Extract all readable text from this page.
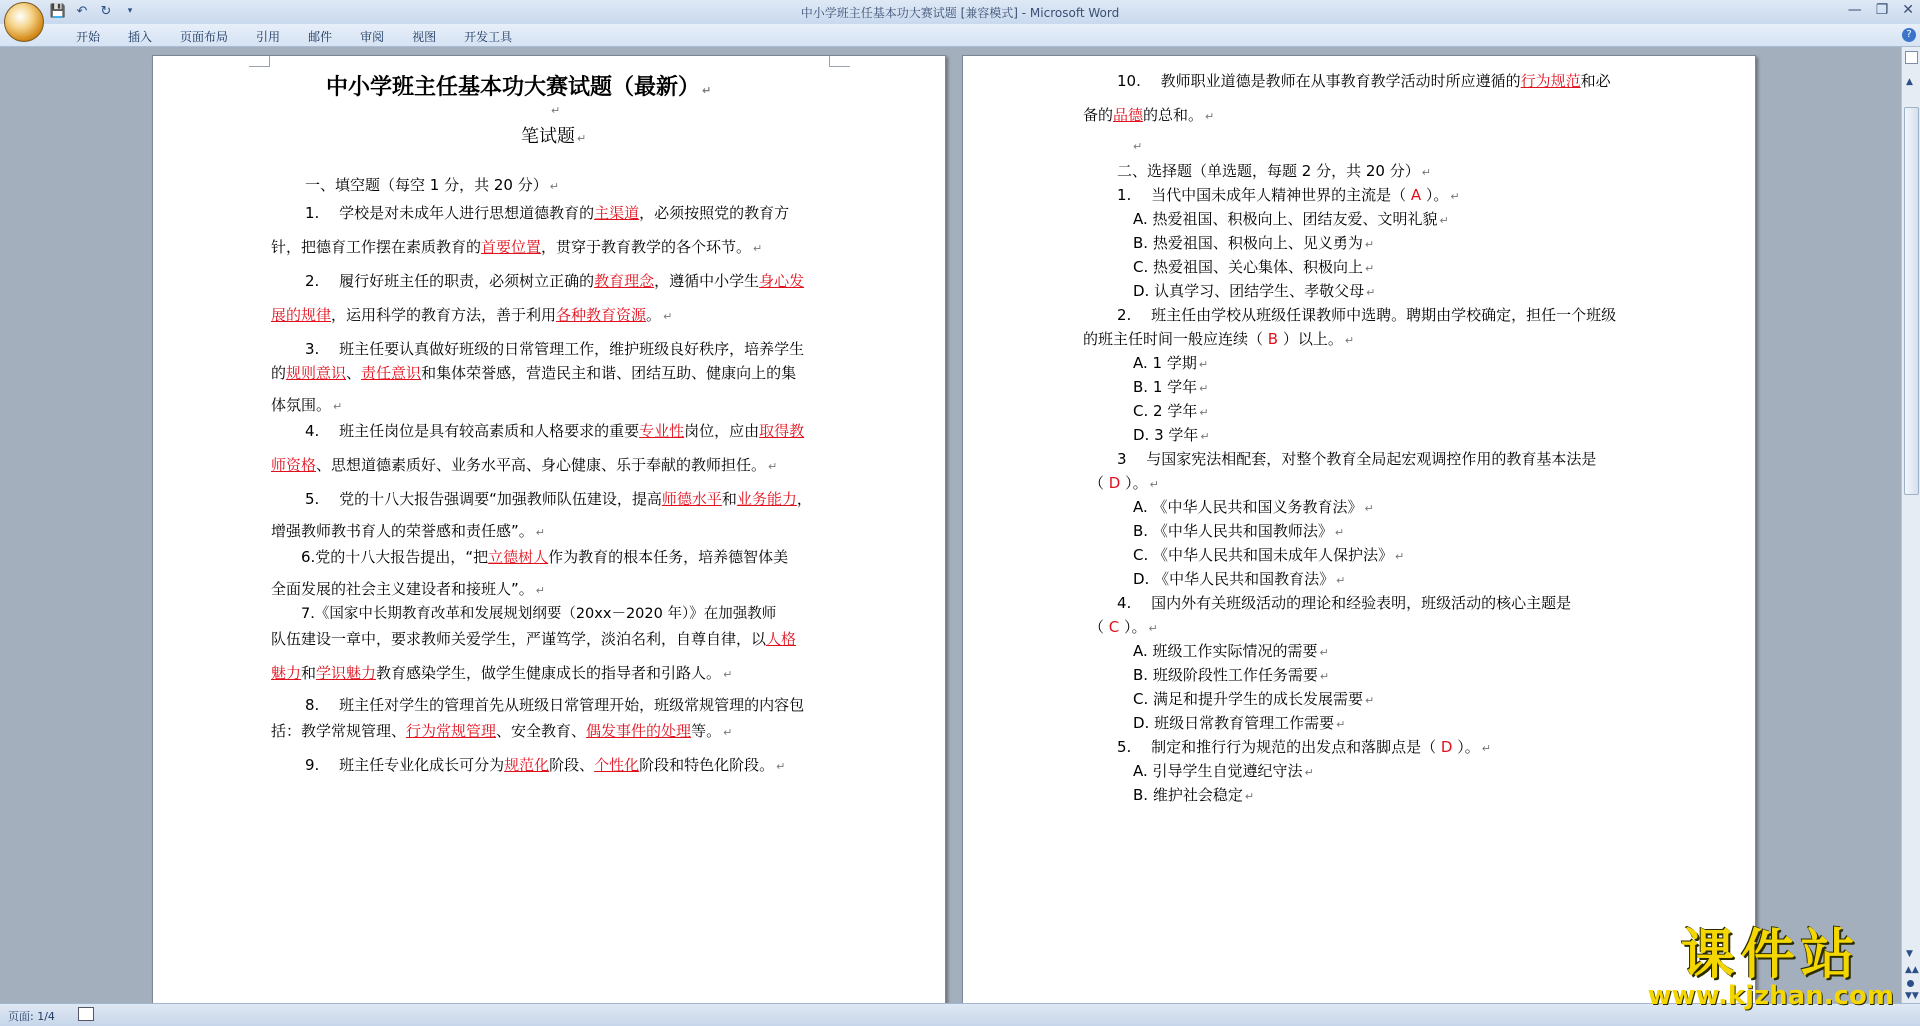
💾 ↶ ↻	▾	中小学班主任基本功大赛试题 [兼容模式] - Microsoft Word	— ❐ ✕
开始	插入	页面布局	引用	邮件	审阅	视图	开发工具	?
中小学班主任基本功大赛试题（最新） ↵
↵
笔试题 ↵
一、填空题（每空 1 分，共 20 分） ↵
1.　 学校是对未成年人进行思想道德教育的主渠道，必须按照党的教育方
针，把德育工作摆在素质教育的首要位置，贯穿于教育教学的各个环节。 ↵
2.　 履行好班主任的职责，必须树立正确的教育理念，遵循中小学生身心发
展的规律，运用科学的教育方法，善于利用各种教育资源。 ↵
3.　 班主任要认真做好班级的日常管理工作，维护班级良好秩序，培养学生
的规则意识、责任意识和集体荣誉感，营造民主和谐、团结互助、健康向上的集
体氛围。 ↵
4.　 班主任岗位是具有较高素质和人格要求的重要专业性岗位，应由取得教
师资格、思想道德素质好、业务水平高、身心健康、乐于奉献的教师担任。 ↵
5.　 党的十八大报告强调要“加强教师队伍建设，提高师德水平和业务能力，
增强教师教书育人的荣誉感和责任感”。 ↵
6.党的十八大报告提出，“把立德树人作为教育的根本任务，培养德智体美
全面发展的社会主义建设者和接班人”。 ↵
7.《国家中长期教育改革和发展规划纲要（20xx－2020 年）》在加强教师
队伍建设一章中，要求教师关爱学生，严谨笃学，淡泊名利，自尊自律，以人格
魅力和学识魅力教育感染学生，做学生健康成长的指导者和引路人。 ↵
8.　 班主任对学生的管理首先从班级日常管理开始，班级常规管理的内容包
括：教学常规管理、行为常规管理、安全教育、偶发事件的处理等。 ↵
9.　 班主任专业化成长可分为规范化阶段、个性化阶段和特色化阶段。 ↵
10.　 教师职业道德是教师在从事教育教学活动时所应遵循的行为规范和必
备的品德的总和。 ↵
↵
二、选择题（单选题，每题 2 分，共 20 分） ↵
1.　 当代中国未成年人精神世界的主流是（ A ）。 ↵
A. 热爱祖国、积极向上、团结友爱、文明礼貌 ↵
B. 热爱祖国、积极向上、见义勇为 ↵
C. 热爱祖国、关心集体、积极向上 ↵
D. 认真学习、团结学生、孝敬父母 ↵
2.　 班主任由学校从班级任课教师中选聘。聘期由学校确定，担任一个班级
的班主任时间一般应连续（ B ）以上。 ↵
A. 1 学期 ↵
B. 1 学年 ↵
C. 2 学年 ↵
D. 3 学年 ↵
3　 与国家宪法相配套，对整个教育全局起宏观调控作用的教育基本法是
（ D ）。 ↵
A. 《中华人民共和国义务教育法》 ↵
B. 《中华人民共和国教师法》 ↵
C. 《中华人民共和国未成年人保护法》 ↵
D. 《中华人民共和国教育法》 ↵
4.　 国内外有关班级活动的理论和经验表明，班级活动的核心主题是
（ C ）。 ↵
A. 班级工作实际情况的需要 ↵
B. 班级阶段性工作任务需要 ↵
C. 满足和提升学生的成长发展需要 ↵
D. 班级日常教育管理工作需要 ↵
5.　 制定和推行行为规范的出发点和落脚点是（ D ）。 ↵
A. 引导学生自觉遵纪守法 ↵
B. 维护社会稳定 ↵
▲
▼
▲▲
▼▼
页面: 1/4
课件站
www.kjzhan.com
